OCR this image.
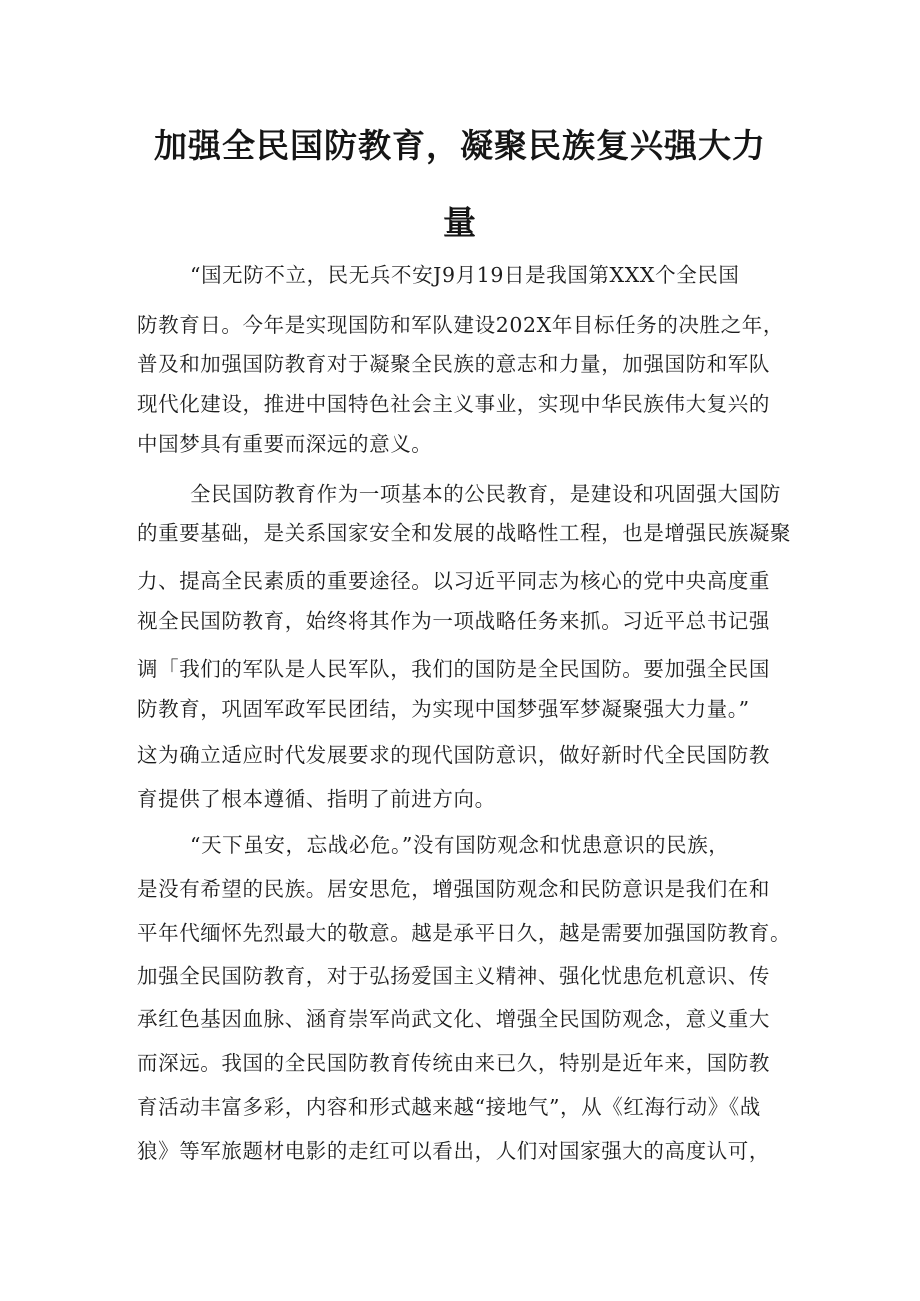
加强全民国防教育，凝聚民族复兴强大力
量
“国无防不立，民无兵不安J9月19日是我国第XXX个全民国
防教育日。今年是实现国防和军队建设202X年目标任务的决胜之年，
普及和加强国防教育对于凝聚全民族的意志和力量，加强国防和军队
现代化建设，推进中国特色社会主义事业，实现中华民族伟大复兴的
中国梦具有重要而深远的意义。
全民国防教育作为一项基本的公民教育，是建设和巩固强大国防
的重要基础，是关系国家安全和发展的战略性工程，也是增强民族凝聚
力、提高全民素质的重要途径。以习近平同志为核心的党中央高度重
视全民国防教育，始终将其作为一项战略任务来抓。习近平总书记强
调「我们的军队是人民军队，我们的国防是全民国防。要加强全民国
防教育，巩固军政军民团结，为实现中国梦强军梦凝聚强大力量。”
这为确立适应时代发展要求的现代国防意识，做好新时代全民国防教
育提供了根本遵循、指明了前进方向。
“天下虽安，忘战必危。”没有国防观念和忧患意识的民族，
是没有希望的民族。居安思危，增强国防观念和民防意识是我们在和
平年代缅怀先烈最大的敬意。越是承平日久，越是需要加强国防教育。
加强全民国防教育，对于弘扬爱国主义精神、强化忧患危机意识、传
承红色基因血脉、涵育崇军尚武文化、增强全民国防观念，意义重大
而深远。我国的全民国防教育传统由来已久，特别是近年来，国防教
育活动丰富多彩，内容和形式越来越“接地气”，从《红海行动》《战
狼》等军旅题材电影的走红可以看出，人们对国家强大的高度认可，
